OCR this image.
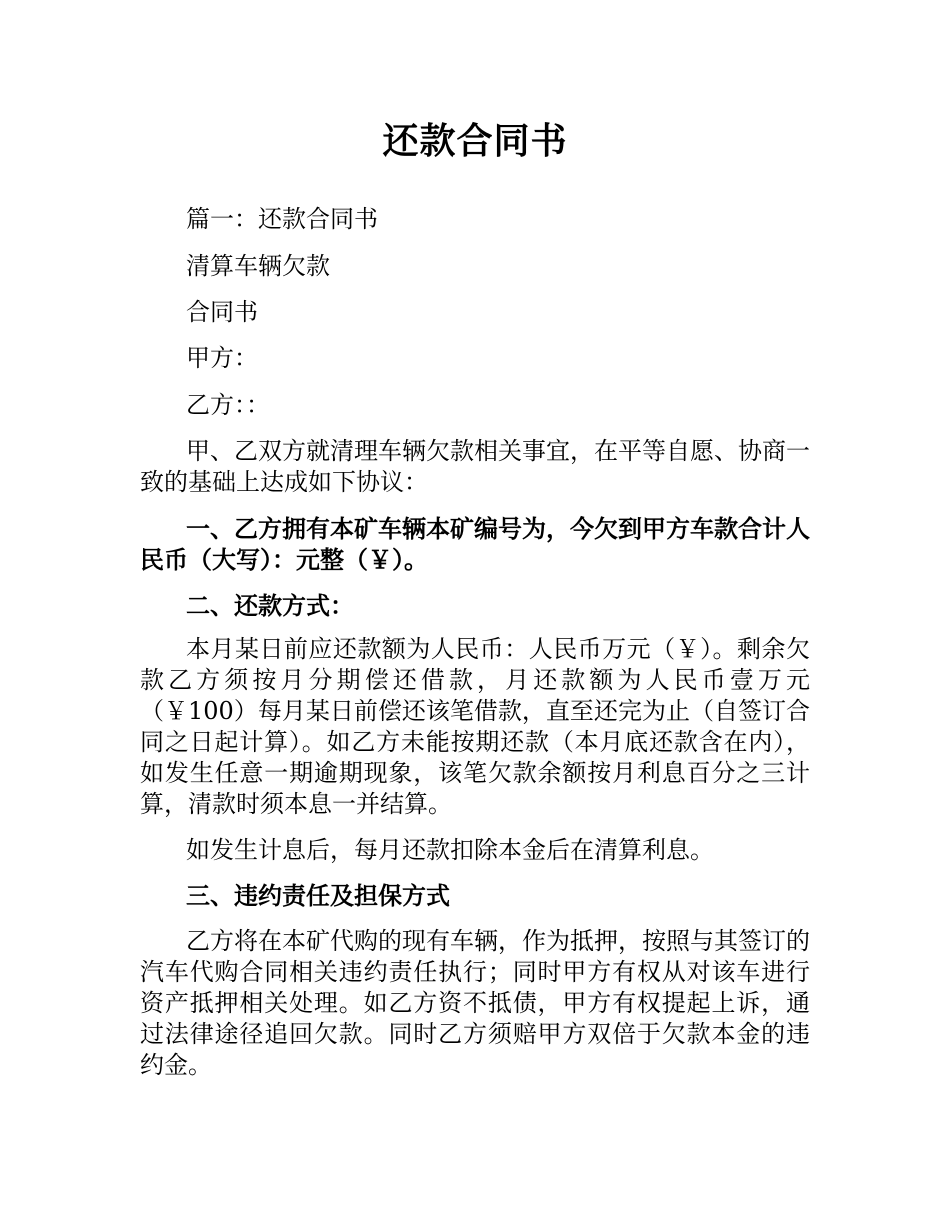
还款合同书

篇一：还款合同书

清算车辆欠款

合同书

甲方：

乙方：：

甲、乙双方就清理车辆欠款相关事宜，在平等自愿、协商一致的基础上达成如下协议：

一、乙方拥有本矿车辆本矿编号为，今欠到甲方车款合计人民币（大写）：元整（￥）。

二、还款方式：

本月某日前应还款额为人民币：人民币万元（￥）。剩余欠款乙方须按月分期偿还借款，月还款额为人民币壹万元（￥100）每月某日前偿还该笔借款，直至还完为止（自签订合同之日起计算）。如乙方未能按期还款（本月底还款含在内），如发生任意一期逾期现象，该笔欠款余额按月利息百分之三计算，清款时须本息一并结算。

如发生计息后，每月还款扣除本金后在清算利息。

三、违约责任及担保方式

乙方将在本矿代购的现有车辆，作为抵押，按照与其签订的汽车代购合同相关违约责任执行；同时甲方有权从对该车进行资产抵押相关处理。如乙方资不抵债，甲方有权提起上诉，通过法律途径追回欠款。同时乙方须赔甲方双倍于欠款本金的违约金。
